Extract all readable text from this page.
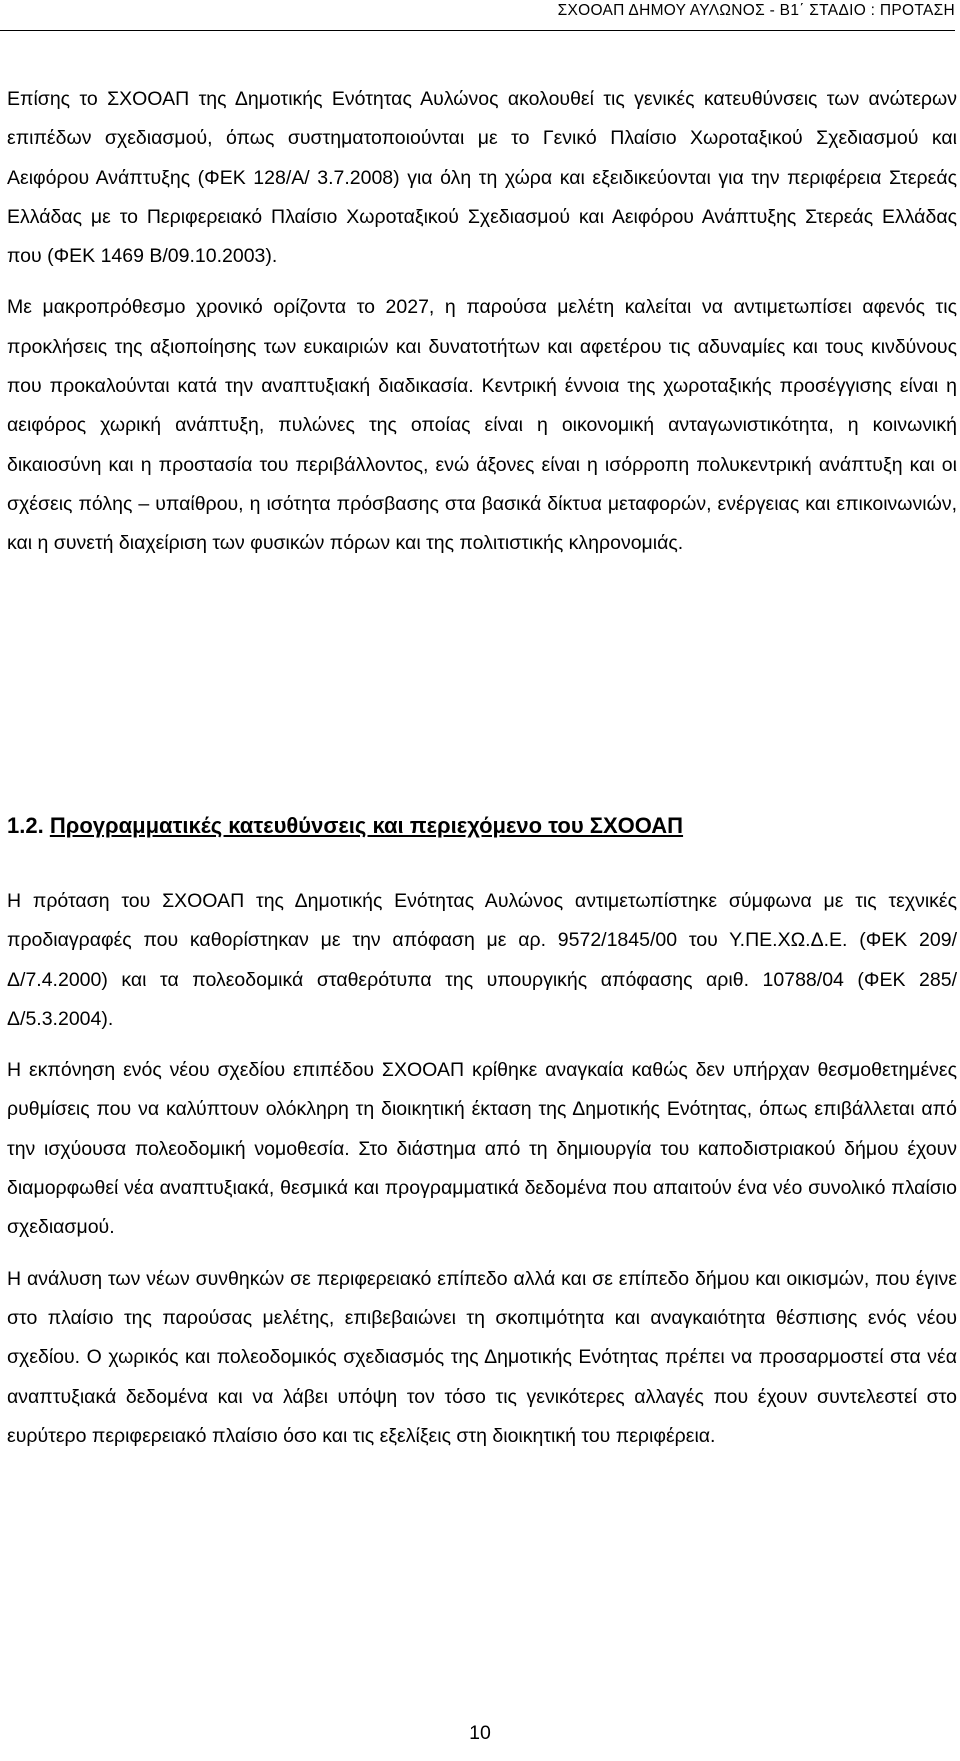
ΣΧΟΟΑΠ ΔΗΜΟΥ ΑΥΛΩΝΟΣ - Β1΄ ΣΤΑΔΙΟ : ΠΡΟΤΑΣΗ

Επίσης το ΣΧΟΟΑΠ της Δημοτικής Ενότητας Αυλώνος ακολουθεί τις γενικές κατευθύνσεις των ανώτερων επιπέδων σχεδιασμού, όπως συστηματοποιούνται με το Γενικό Πλαίσιο Χωροταξικού Σχεδιασμού και Αειφόρου Ανάπτυξης (ΦΕΚ 128/Α/ 3.7.2008) για όλη τη χώρα και εξειδικεύονται για την περιφέρεια Στερεάς Ελλάδας με το Περιφερειακό Πλαίσιο Χωροταξικού Σχεδιασμού και Αειφόρου Ανάπτυξης Στερεάς Ελλάδας που (ΦΕΚ 1469 Β/09.10.2003).

Με μακροπρόθεσμο χρονικό ορίζοντα το 2027, η παρούσα μελέτη καλείται να αντιμετωπίσει αφενός τις προκλήσεις της αξιοποίησης των ευκαιριών και δυνατοτήτων και αφετέρου τις αδυναμίες και τους κινδύνους που προκαλούνται κατά την αναπτυξιακή διαδικασία. Κεντρική έννοια της χωροταξικής προσέγγισης είναι η αειφόρος χωρική ανάπτυξη, πυλώνες της οποίας είναι η οικονομική ανταγωνιστικότητα, η κοινωνική δικαιοσύνη και η προστασία του περιβάλλοντος, ενώ άξονες είναι η ισόρροπη πολυκεντρική ανάπτυξη και οι σχέσεις πόλης – υπαίθρου, η ισότητα πρόσβασης στα βασικά δίκτυα μεταφορών, ενέργειας και επικοινωνιών, και η συνετή διαχείριση των φυσικών πόρων και της πολιτιστικής κληρονομιάς.

1.2. Προγραμματικές κατευθύνσεις και περιεχόμενο του ΣΧΟΟΑΠ

Η πρόταση του ΣΧΟΟΑΠ της Δημοτικής Ενότητας Αυλώνος αντιμετωπίστηκε σύμφωνα με τις τεχνικές προδιαγραφές που καθορίστηκαν με την απόφαση με αρ. 9572/1845/00 του Υ.ΠΕ.ΧΩ.Δ.Ε. (ΦΕΚ 209/Δ/7.4.2000) και τα πολεοδομικά σταθερότυπα της υπουργικής απόφασης αριθ. 10788/04 (ΦΕΚ 285/Δ/5.3.2004).

Η εκπόνηση ενός νέου σχεδίου επιπέδου ΣΧΟΟΑΠ κρίθηκε αναγκαία καθώς δεν υπήρχαν θεσμοθετημένες ρυθμίσεις που να καλύπτουν ολόκληρη τη διοικητική έκταση της Δημοτικής Ενότητας, όπως επιβάλλεται από την ισχύουσα πολεοδομική νομοθεσία. Στο διάστημα από τη δημιουργία του καποδιστριακού δήμου έχουν διαμορφωθεί νέα αναπτυξιακά, θεσμικά και προγραμματικά δεδομένα που απαιτούν ένα νέο συνολικό πλαίσιο σχεδιασμού.

Η ανάλυση των νέων συνθηκών σε περιφερειακό επίπεδο αλλά και σε επίπεδο δήμου και οικισμών, που έγινε στο πλαίσιο της παρούσας μελέτης, επιβεβαιώνει τη σκοπιμότητα και αναγκαιότητα θέσπισης ενός νέου σχεδίου. Ο χωρικός και πολεοδομικός σχεδιασμός της Δημοτικής Ενότητας πρέπει να προσαρμοστεί στα νέα αναπτυξιακά δεδομένα και να λάβει υπόψη τον τόσο τις γενικότερες αλλαγές που έχουν συντελεστεί στο ευρύτερο περιφερειακό πλαίσιο όσο και τις εξελίξεις στη διοικητική του περιφέρεια.

10
